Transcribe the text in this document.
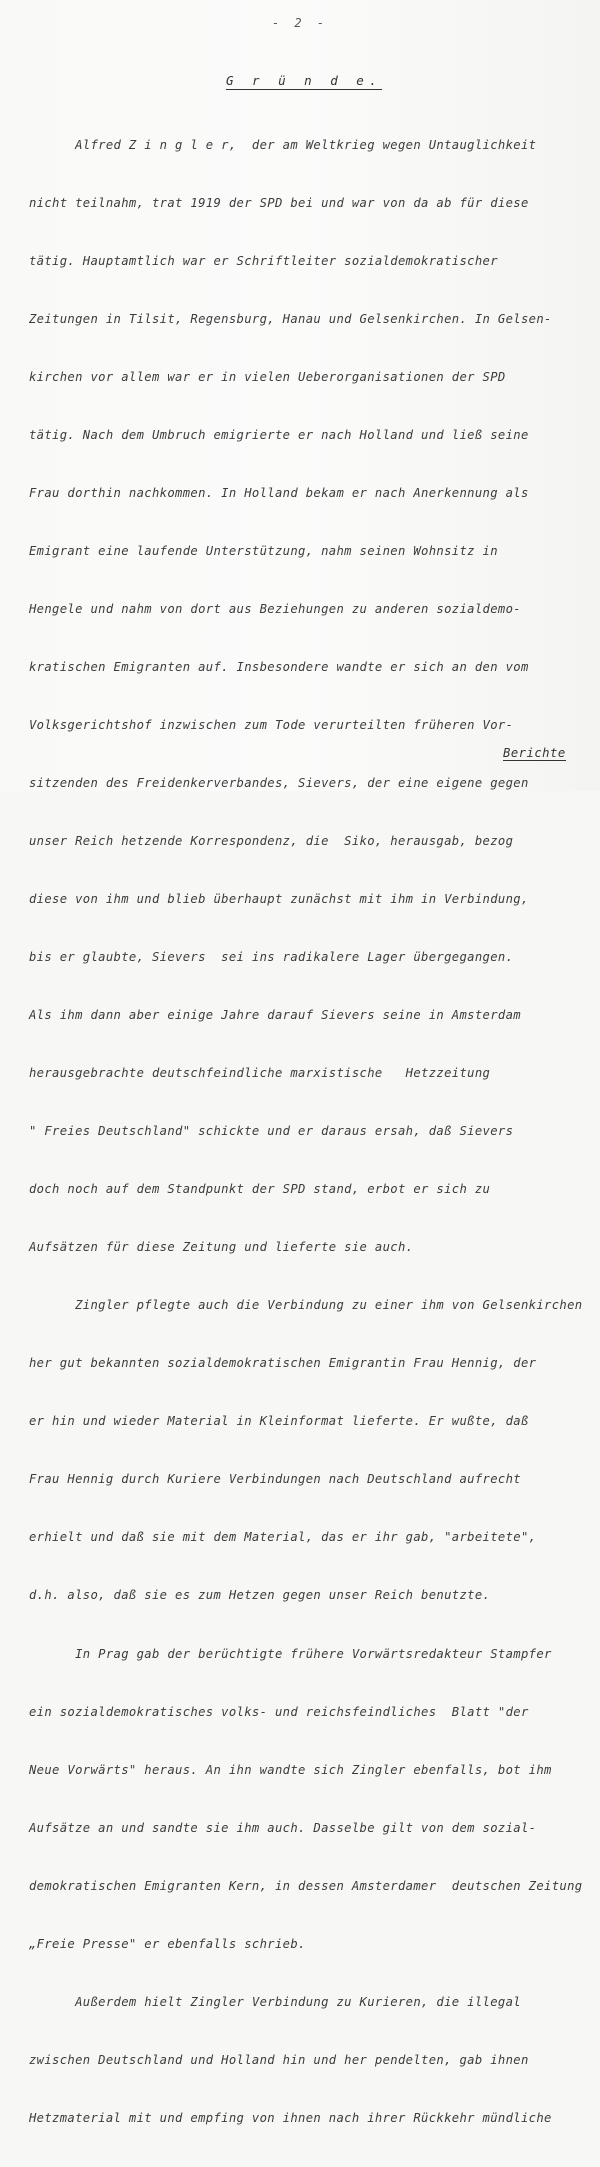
- 2 -
G r ü n d e.

Alfred Z i n g l e r,  der am Weltkrieg wegen Untauglichkeit

nicht teilnahm, trat 1919 der SPD bei und war von da ab für diese

tätig. Hauptamtlich war er Schriftleiter sozialdemokratischer

Zeitungen in Tilsit, Regensburg, Hanau und Gelsenkirchen. In Gelsen-

kirchen vor allem war er in vielen Ueberorganisationen der SPD

tätig. Nach dem Umbruch emigrierte er nach Holland und ließ seine

Frau dorthin nachkommen. In Holland bekam er nach Anerkennung als

Emigrant eine laufende Unterstützung, nahm seinen Wohnsitz in

Hengele und nahm von dort aus Beziehungen zu anderen sozialdemo-

kratischen Emigranten auf. Insbesondere wandte er sich an den vom

Volksgerichtshof inzwischen zum Tode verurteilten früheren Vor-

sitzenden des Freidenkerverbandes, Sievers, der eine eigene gegen

unser Reich hetzende Korrespondenz, die  Siko, herausgab, bezog

diese von ihm und blieb überhaupt zunächst mit ihm in Verbindung,

bis er glaubte, Sievers  sei ins radikalere Lager übergegangen.

Als ihm dann aber einige Jahre darauf Sievers seine in Amsterdam

herausgebrachte deutschfeindliche marxistische   Hetzzeitung

" Freies Deutschland" schickte und er daraus ersah, daß Sievers

doch noch auf dem Standpunkt der SPD stand, erbot er sich zu

Aufsätzen für diese Zeitung und lieferte sie auch.

Zingler pflegte auch die Verbindung zu einer ihm von Gelsenkirchen

her gut bekannten sozialdemokratischen Emigrantin Frau Hennig, der

er hin und wieder Material in Kleinformat lieferte. Er wußte, daß

Frau Hennig durch Kuriere Verbindungen nach Deutschland aufrecht

erhielt und daß sie mit dem Material, das er ihr gab, "arbeitete",

d.h. also, daß sie es zum Hetzen gegen unser Reich benutzte.

In Prag gab der berüchtigte frühere Vorwärtsredakteur Stampfer

ein sozialdemokratisches volks- und reichsfeindliches  Blatt "der

Neue Vorwärts" heraus. An ihn wandte sich Zingler ebenfalls, bot ihm

Aufsätze an und sandte sie ihm auch. Dasselbe gilt von dem sozial-

demokratischen Emigranten Kern, in dessen Amsterdamer  deutschen Zeitung

„Freie Presse" er ebenfalls schrieb.

Außerdem hielt Zingler Verbindung zu Kurieren, die illegal

zwischen Deutschland und Holland hin und her pendelten, gab ihnen

Hetzmaterial mit und empfing von ihnen nach ihrer Rückkehr mündliche

Berichte
